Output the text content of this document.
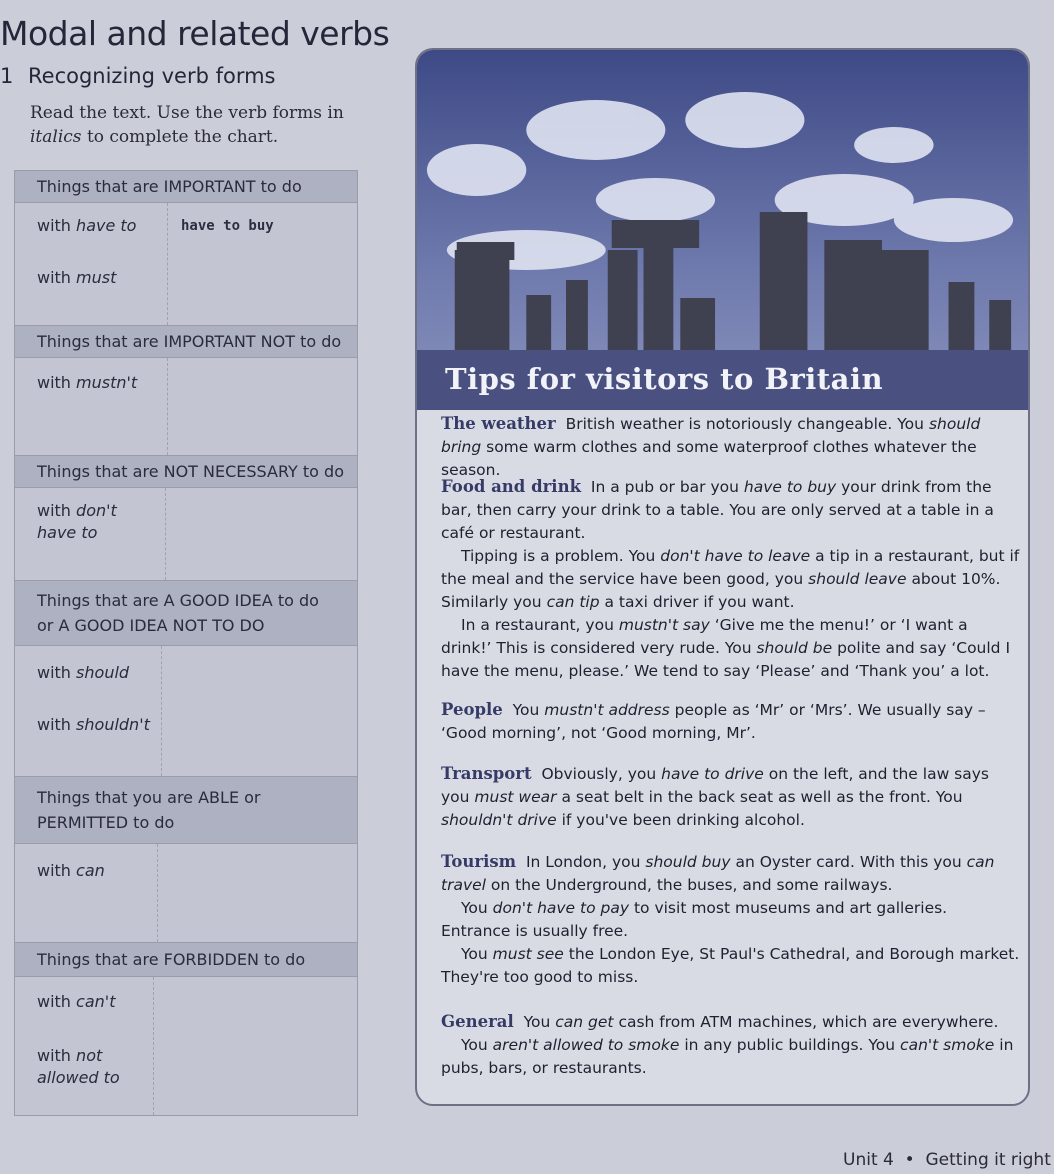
Modal and related verbs
1 Recognizing verb forms
Read the text. Use the verb forms in
italics to complete the chart.
Things that are IMPORTANT to do
with have to	have to buy
with must
Things that are IMPORTANT NOT to do
with mustn't
Things that are NOT NECESSARY to do
with don't
have to
Things that are A GOOD IDEA to do
or A GOOD IDEA NOT TO DO
with should
with shouldn't
Things that you are ABLE or
PERMITTED to do
with can
Things that are FORBIDDEN to do
with can't
with not
allowed to
Tips for visitors to Britain
The weather British weather is notoriously changeable. You should bring some warm clothes and some waterproof clothes whatever the season.
Food and drink In a pub or bar you have to buy your drink from the bar, then carry your drink to a table. You are only served at a table in a café or restaurant.
Tipping is a problem. You don't have to leave a tip in a restaurant, but if the meal and the service have been good, you should leave about 10%. Similarly you can tip a taxi driver if you want.
In a restaurant, you mustn't say ‘Give me the menu!’ or ‘I want a drink!’ This is considered very rude. You should be polite and say ‘Could I have the menu, please.’ We tend to say ‘Please’ and ‘Thank you’ a lot.
People You mustn't address people as ‘Mr’ or ‘Mrs’. We usually say – ‘Good morning’, not ‘Good morning, Mr’.
Transport Obviously, you have to drive on the left, and the law says you must wear a seat belt in the back seat as well as the front. You shouldn't drive if you've been drinking alcohol.
Tourism In London, you should buy an Oyster card. With this you can travel on the Underground, the buses, and some railways.
You don't have to pay to visit most museums and art galleries. Entrance is usually free.
You must see the London Eye, St Paul's Cathedral, and Borough market. They're too good to miss.
General You can get cash from ATM machines, which are everywhere.
You aren't allowed to smoke in any public buildings. You can't smoke in pubs, bars, or restaurants.
Unit 4 • Getting it right
